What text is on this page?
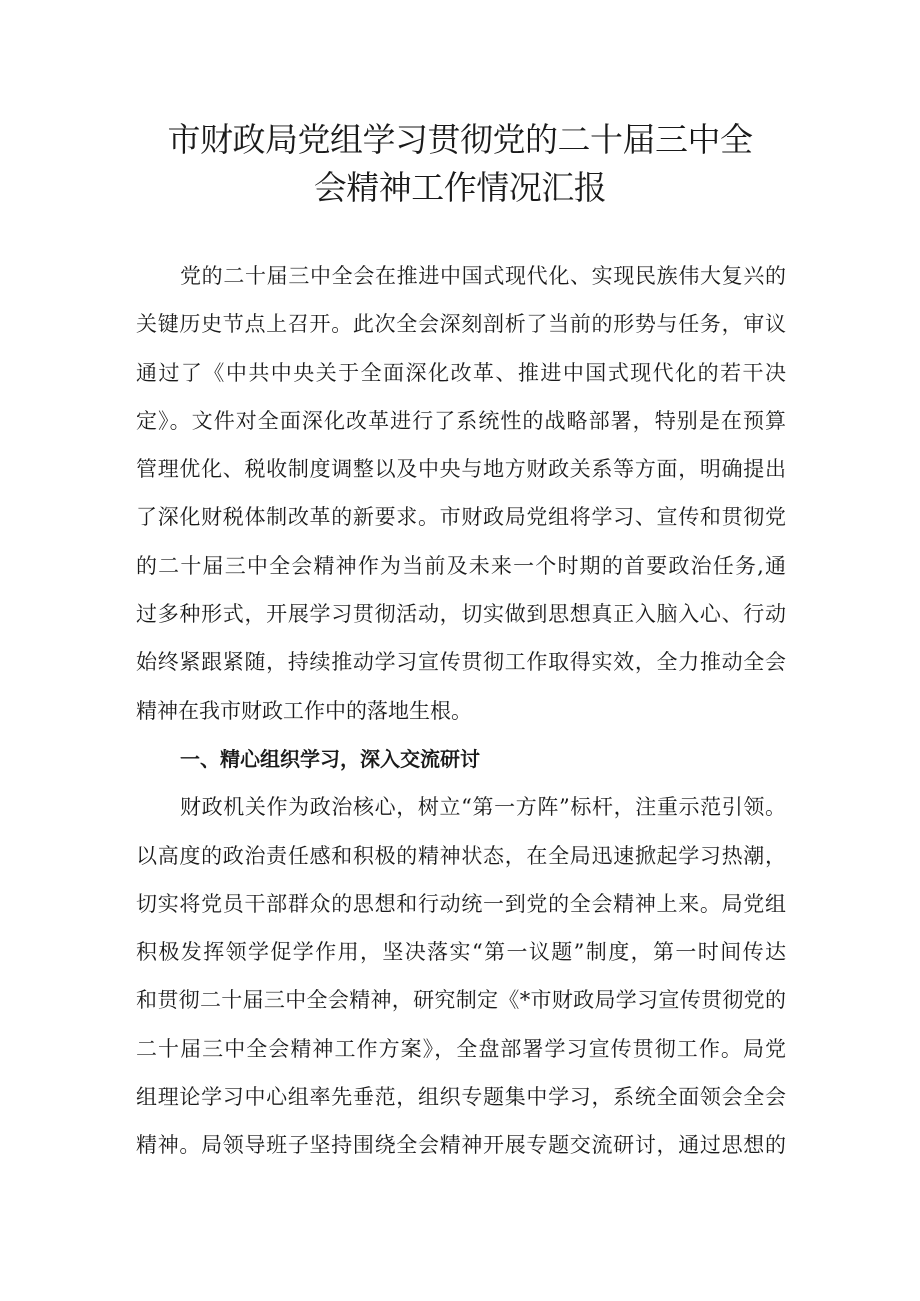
市财政局党组学习贯彻党的二十届三中全
会精神工作情况汇报
党的二十届三中全会在推进中国式现代化、实现民族伟大复兴的
关键历史节点上召开。此次全会深刻剖析了当前的形势与任务，审议
通过了《中共中央关于全面深化改革、推进中国式现代化的若干决
定》。文件对全面深化改革进行了系统性的战略部署，特别是在预算
管理优化、税收制度调整以及中央与地方财政关系等方面，明确提出
了深化财税体制改革的新要求。市财政局党组将学习、宣传和贯彻党
的二十届三中全会精神作为当前及未来一个时期的首要政治任务,通
过多种形式，开展学习贯彻活动，切实做到思想真正入脑入心、行动
始终紧跟紧随，持续推动学习宣传贯彻工作取得实效，全力推动全会
精神在我市财政工作中的落地生根。
一、精心组织学习，深入交流研讨
财政机关作为政治核心，树立“第一方阵”标杆，注重示范引领。
以高度的政治责任感和积极的精神状态，在全局迅速掀起学习热潮，
切实将党员干部群众的思想和行动统一到党的全会精神上来。局党组
积极发挥领学促学作用，坚决落实“第一议题”制度，第一时间传达
和贯彻二十届三中全会精神，研究制定《*市财政局学习宣传贯彻党的
二十届三中全会精神工作方案》，全盘部署学习宣传贯彻工作。局党
组理论学习中心组率先垂范，组织专题集中学习，系统全面领会全会
精神。局领导班子坚持围绕全会精神开展专题交流研讨，通过思想的
